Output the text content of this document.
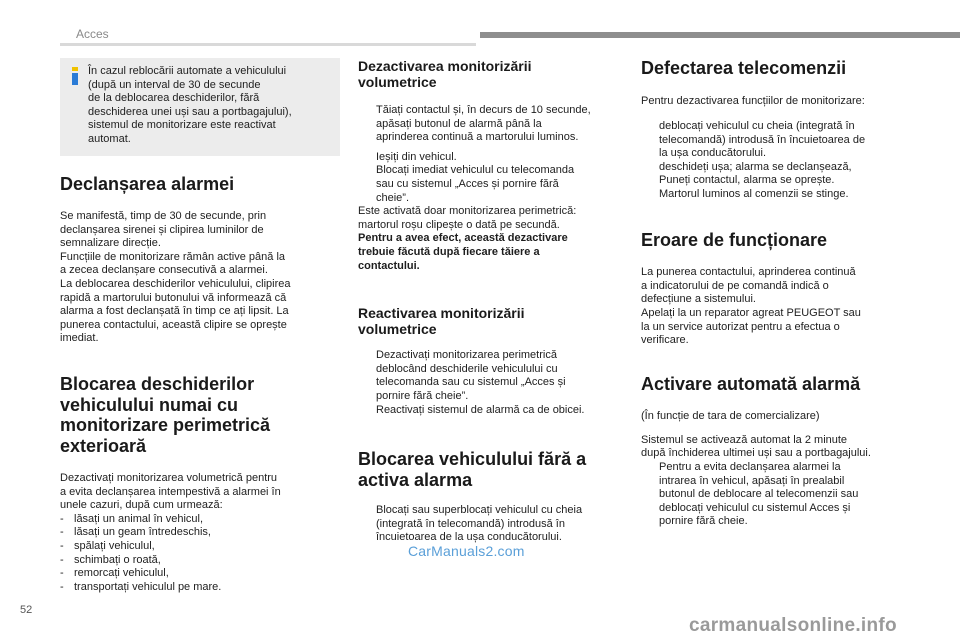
Acces
În cazul reblocării automate a vehiculului
(după un interval de 30 de secunde
de la deblocarea deschiderilor, fără
deschiderea unei uși sau a portbagajului),
sistemul de monitorizare este reactivat
automat.
Declanșarea alarmei
Se manifestă, timp de 30 de secunde, prin
declanșarea sirenei și clipirea luminilor de
semnalizare direcție.
Funcțiile de monitorizare rămân active până la
a zecea declanșare consecutivă a alarmei.
La deblocarea deschiderilor vehiculului, clipirea
rapidă a martorului butonului vă informează că
alarma a fost declanșată în timp ce ați lipsit. La
punerea contactului, această clipire se oprește
imediat.
Blocarea deschiderilor
vehiculului numai cu
monitorizare perimetrică
exterioară
Dezactivați monitorizarea volumetrică pentru
a evita declanșarea intempestivă a alarmei în
unele cazuri, după cum urmează:
- lăsați un animal în vehicul,
- lăsați un geam întredeschis,
- spălați vehiculul,
- schimbați o roată,
- remorcați vehiculul,
- transportați vehiculul pe mare.
Dezactivarea monitorizării
volumetrice
Tăiați contactul și, în decurs de 10 secunde,
apăsați butonul de alarmă până la
aprinderea continuă a martorului luminos.
Ieșiți din vehicul.
Blocați imediat vehiculul cu telecomanda
sau cu sistemul „Acces și pornire fără
cheie”.
Este activată doar monitorizarea perimetrică:
martorul roșu clipește o dată pe secundă.
Pentru a avea efect, această dezactivare
trebuie făcută după fiecare tăiere a
contactului.
Reactivarea monitorizării
volumetrice
Dezactivați monitorizarea perimetrică
deblocând deschiderile vehiculului cu
telecomanda sau cu sistemul „Acces și
pornire fără cheie”.
Reactivați sistemul de alarmă ca de obicei.
Blocarea vehiculului fără a
activa alarma
Blocați sau superblocați vehiculul cu cheia
(integrată în telecomandă) introdusă în
încuietoarea de la ușa conducătorului.
Defectarea telecomenzii
Pentru dezactivarea funcțiilor de monitorizare:
deblocați vehiculul cu cheia (integrată în
telecomandă) introdusă în încuietoarea de
la ușa conducătorului.
deschideți ușa; alarma se declanșează,
Puneți contactul, alarma se oprește.
Martorul luminos al comenzii se stinge.
Eroare de funcționare
La punerea contactului, aprinderea continuă
a indicatorului de pe comandă indică o
defecțiune a sistemului.
Apelați la un reparator agreat PEUGEOT sau
la un service autorizat pentru a efectua o
verificare.
Activare automată alarmă
(În funcție de tara de comercializare)
Sistemul se activează automat la 2 minute
după închiderea ultimei uși sau a portbagajului.
Pentru a evita declanșarea alarmei la
intrarea în vehicul, apăsați în prealabil
butonul de deblocare al telecomenzii sau
deblocați vehiculul cu sistemul Acces și
pornire fără cheie.
52
CarManuals2.com
carmanualsonline.info
